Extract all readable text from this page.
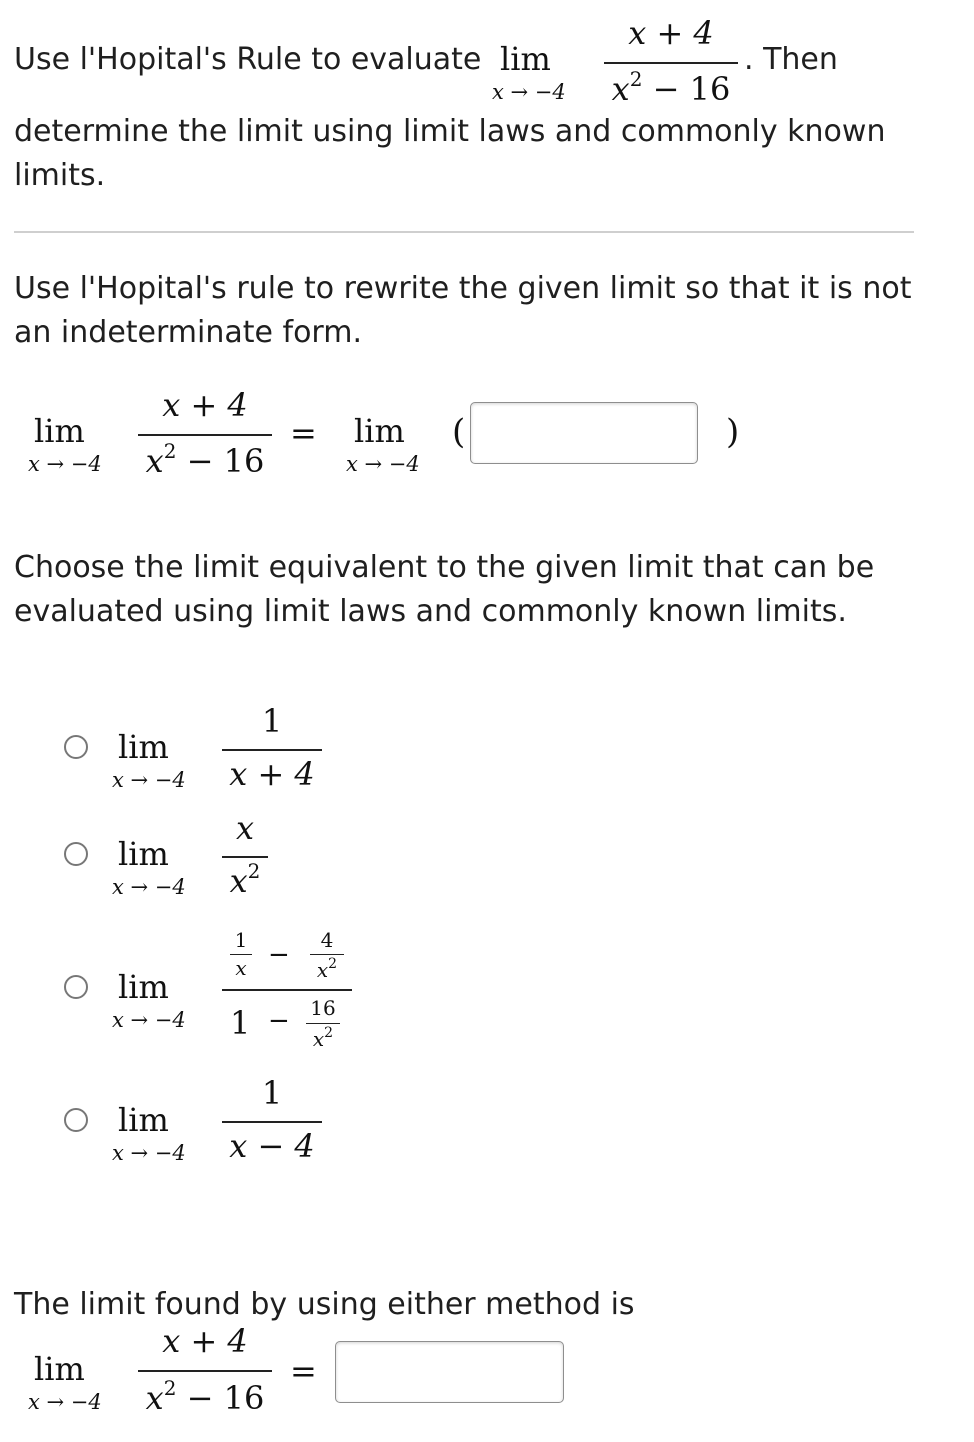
Use l'Hopital's Rule to evaluate lim
x → −4
x + 4
$x^2 - 16$
. Then
determine the limit using limit laws and commonly known
limits.
Use l'Hopital's rule to rewrite the given limit so that it is not
an indeterminate form.
lim
x → −4
x + 4
$x^2 - 16$
= lim
x → −4
(	)
Choose the limit equivalent to the given limit that can be
evaluated using limit laws and commonly known limits.
lim
x → −4
1
x + 4
lim
x → −4
x
$x^2$
lim
x → −4
1
x −	4
$x^2$
1 − 16
$x^2$
lim
x → −4
1
x − 4
The limit found by using either method is
lim
x → −4
x + 4
$x^2 - 16$
=
